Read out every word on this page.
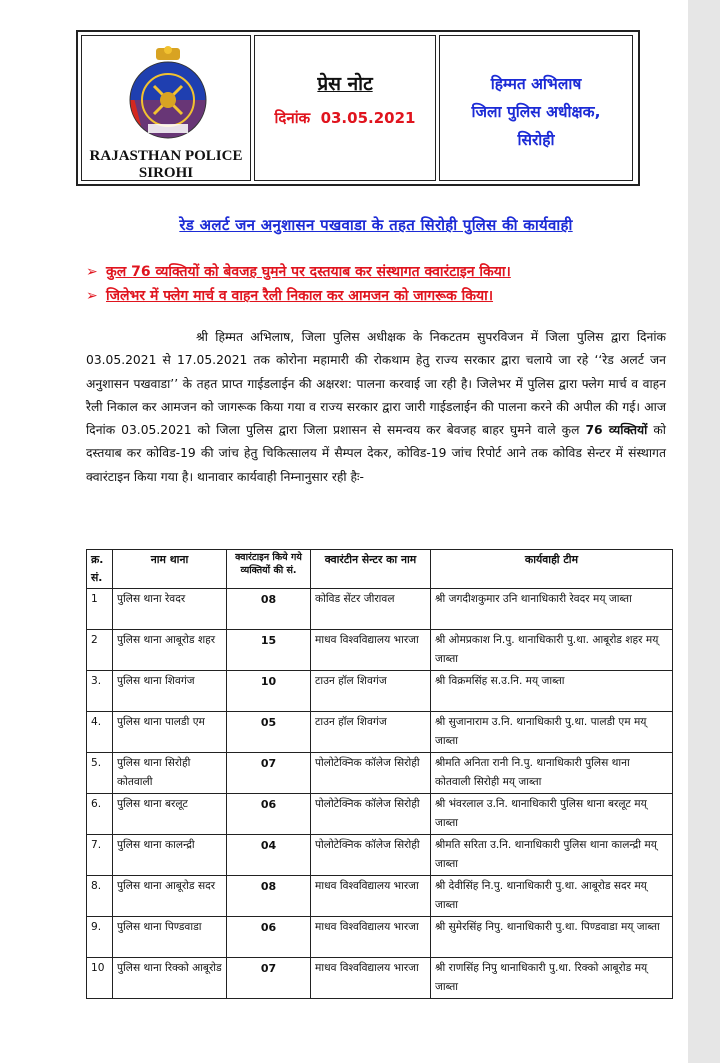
RAJASTHAN POLICE
SIROHI
प्रेस नोट
दिनांक 03.05.2021
हिम्मत अभिलाष
जिला पुलिस अधीक्षक,
सिरोही
रेड अलर्ट जन अनुशासन पखवाडा के तहत सिरोही पुलिस की कार्यवाही
➢ कुल 76 व्यक्तियों को बेवजह घुमने पर दस्तयाब कर संस्थागत क्वारंटाइन किया।
➢ जिलेभर में फ्लेग मार्च व वाहन रैली निकाल कर आमजन को जागरूक किया।
श्री हिम्मत अभिलाष, जिला पुलिस अधीक्षक के निकटतम सुपरविजन में जिला पुलिस द्वारा दिनांक 03.05.2021 से 17.05.2021 तक कोरोना महामारी की रोकथाम हेतु राज्य सरकार द्वारा चलाये जा रहे ‘‘रेड अलर्ट जन अनुशासन पखवाडा’’ के तहत प्राप्त गाईडलाईन की अक्षरश: पालना करवाई जा रही है। जिलेभर में पुलिस द्वारा फ्लेग मार्च व वाहन रैली निकाल कर आमजन को जागरूक किया गया व राज्य सरकार द्वारा जारी गाईडलाईन की पालना करने की अपील की गई। आज दिनांक 03.05.2021 को जिला पुलिस द्वारा जिला प्रशासन से समन्वय कर बेवजह बाहर घुमने वाले कुल 76 व्यक्तियों को दस्तयाब कर कोविड-19 की जांच हेतु चिकित्सालय में सैम्पल देकर, कोविड-19 जांच रिपोर्ट आने तक कोविड सेन्टर में संस्थागत क्वारंटाइन किया गया है। थानावार कार्यवाही निम्नानुसार रही हैः-
क्र. सं.	नाम थाना	क्वारंटाइन किये गये व्यक्तियों की सं.	क्वारंटीन सेन्टर का नाम	कार्यवाही टीम
1	पुलिस थाना रेवदर	08	कोविड सेंटर जीरावल	श्री जगदीशकुमार उनि थानाधिकारी रेवदर मय् जाब्ता
2	पुलिस थाना आबूरोड शहर	15	माधव विश्वविद्यालय भारजा	श्री ओमप्रकाश नि.पु. थानाधिकारी पु.था. आबूरोड शहर मय् जाब्ता
3.	पुलिस थाना शिवगंज	10	टाउन हॉल शिवगंज	श्री विक्रमसिंह स.उ.नि. मय् जाब्ता
4.	पुलिस थाना पालडी एम	05	टाउन हॉल शिवगंज	श्री सुजानाराम उ.नि. थानाधिकारी पु.था. पालडी एम मय् जाब्ता
5.	पुलिस थाना सिरोही कोतवाली	07	पोलोटेक्निक कॉलेज सिरोही	श्रीमति अनिता रानी नि.पु. थानाधिकारी पुलिस थाना कोतवाली सिरोही मय् जाब्ता
6.	पुलिस थाना बरलूट	06	पोलोटेक्निक कॉलेज सिरोही	श्री भंवरलाल उ.नि. थानाधिकारी पुलिस थाना बरलूट मय् जाब्ता
7.	पुलिस थाना कालन्द्री	04	पोलोटेक्निक कॉलेज सिरोही	श्रीमति सरिता उ.नि. थानाधिकारी पुलिस थाना कालन्द्री मय् जाब्ता
8.	पुलिस थाना आबूरोड सदर	08	माधव विश्वविद्यालय भारजा	श्री देवीसिंह नि.पु. थानाधिकारी पु.था. आबूरोड सदर मय् जाब्ता
9.	पुलिस थाना पिण्डवाडा	06	माधव विश्वविद्यालय भारजा	श्री सुमेरसिंह निपु. थानाधिकारी पु.था. पिण्डवाडा मय् जाब्ता
10	पुलिस थाना रिक्को आबूरोड	07	माधव विश्वविद्यालय भारजा	श्री राणसिंह निपु थानाधिकारी पु.था. रिक्को आबूरोड मय् जाब्ता
